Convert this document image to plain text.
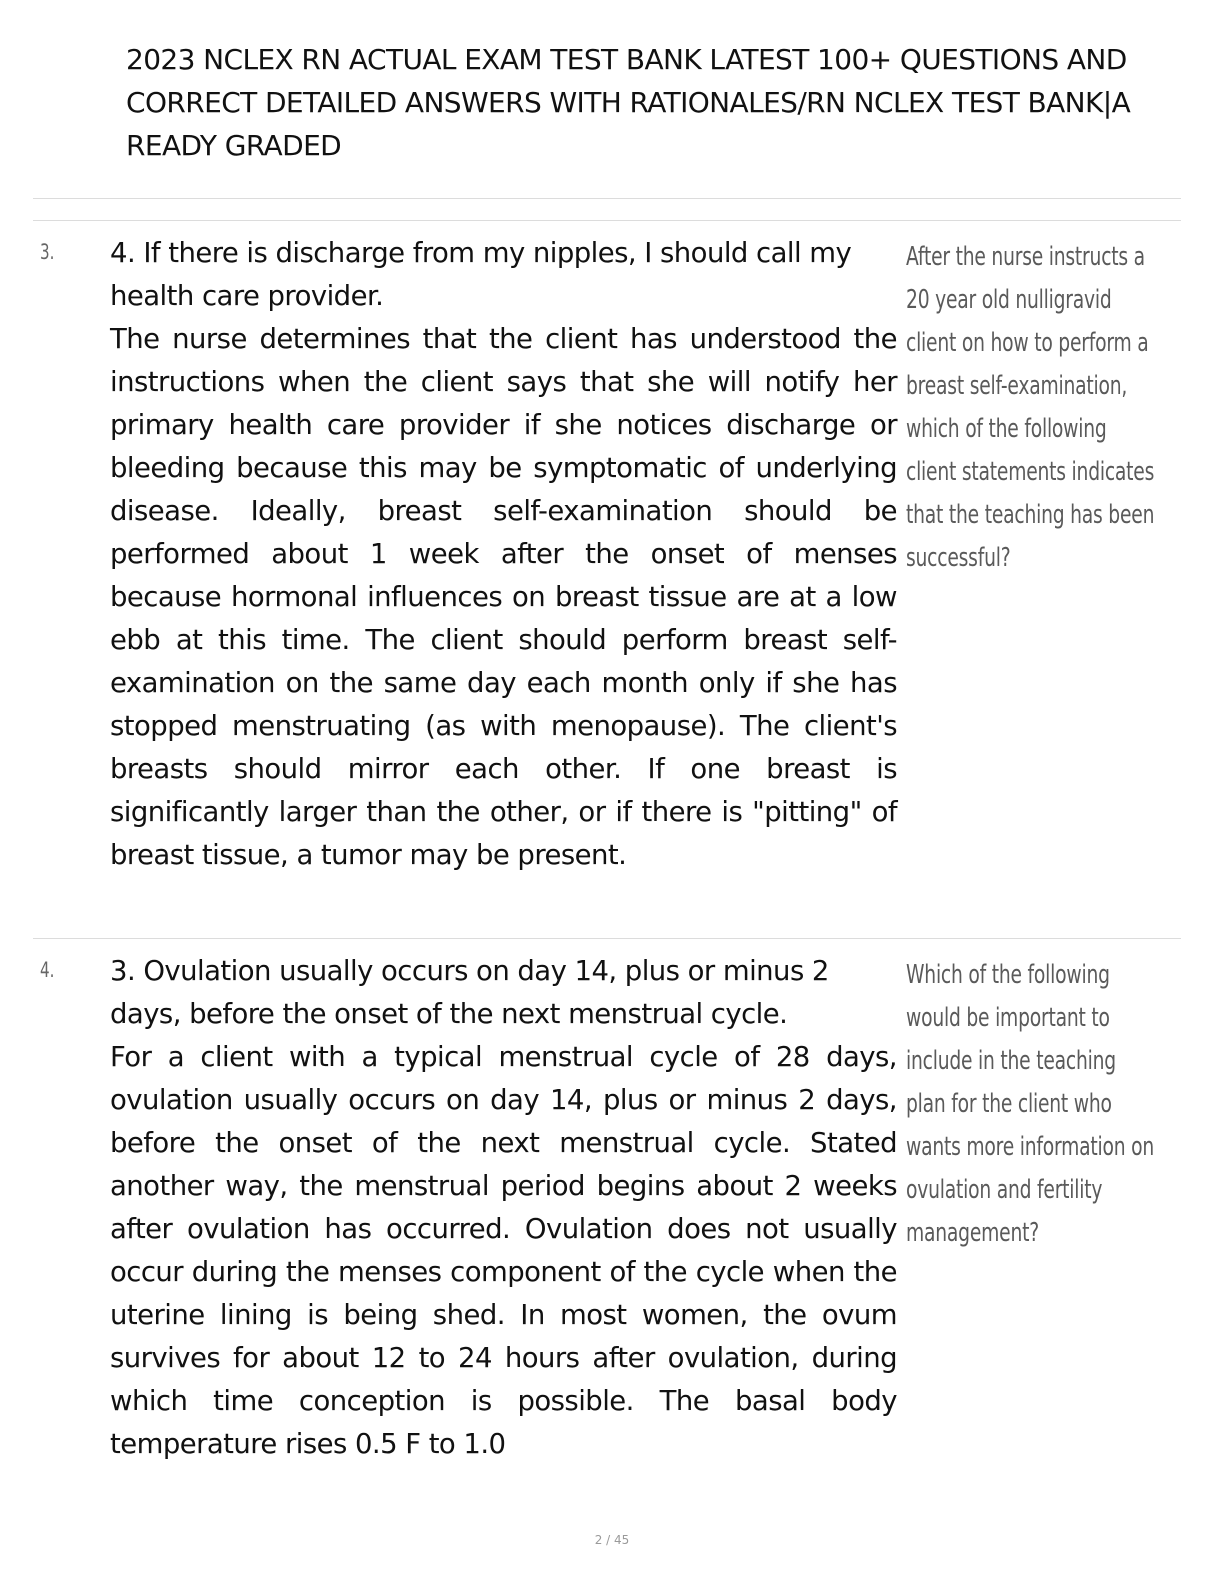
2023 NCLEX RN ACTUAL EXAM TEST BANK LATEST 100+ QUESTIONS AND CORRECT DETAILED ANSWERS WITH RATIONALES/RN NCLEX TEST BANK|A READY GRADED
3. 4. If there is discharge from my nipples, I should call my health care provider.
The nurse determines that the client has understood the instructions when the client says that she will notify her primary health care provider if she notices discharge or bleeding because this may be symptomatic of underlying disease. Ideally, breast self-examination should be performed about 1 week after the onset of menses because hormonal influences on breast tissue are at a low ebb at this time. The client should perform breast self-examination on the same day each month only if she has stopped menstruating (as with menopause). The client's breasts should mirror each other. If one breast is significantly larger than the other, or if there is "pitting" of breast tissue, a tumor may be present.
After the nurse instructs a 20 year old nulligravid client on how to perform a breast self-examination, which of the following client statements indicates that the teaching has been successful?
4. 3. Ovulation usually occurs on day 14, plus or minus 2 days, before the onset of the next menstrual cycle.
For a client with a typical menstrual cycle of 28 days, ovulation usually occurs on day 14, plus or minus 2 days, before the onset of the next menstrual cycle. Stated another way, the menstrual period begins about 2 weeks after ovulation has occurred. Ovulation does not usually occur during the menses component of the cycle when the uterine lining is being shed. In most women, the ovum survives for about 12 to 24 hours after ovulation, during which time conception is possible. The basal body temperature rises 0.5 F to 1.0
Which of the following would be important to include in the teaching plan for the client who wants more information on ovulation and fertility management?
2 / 45
